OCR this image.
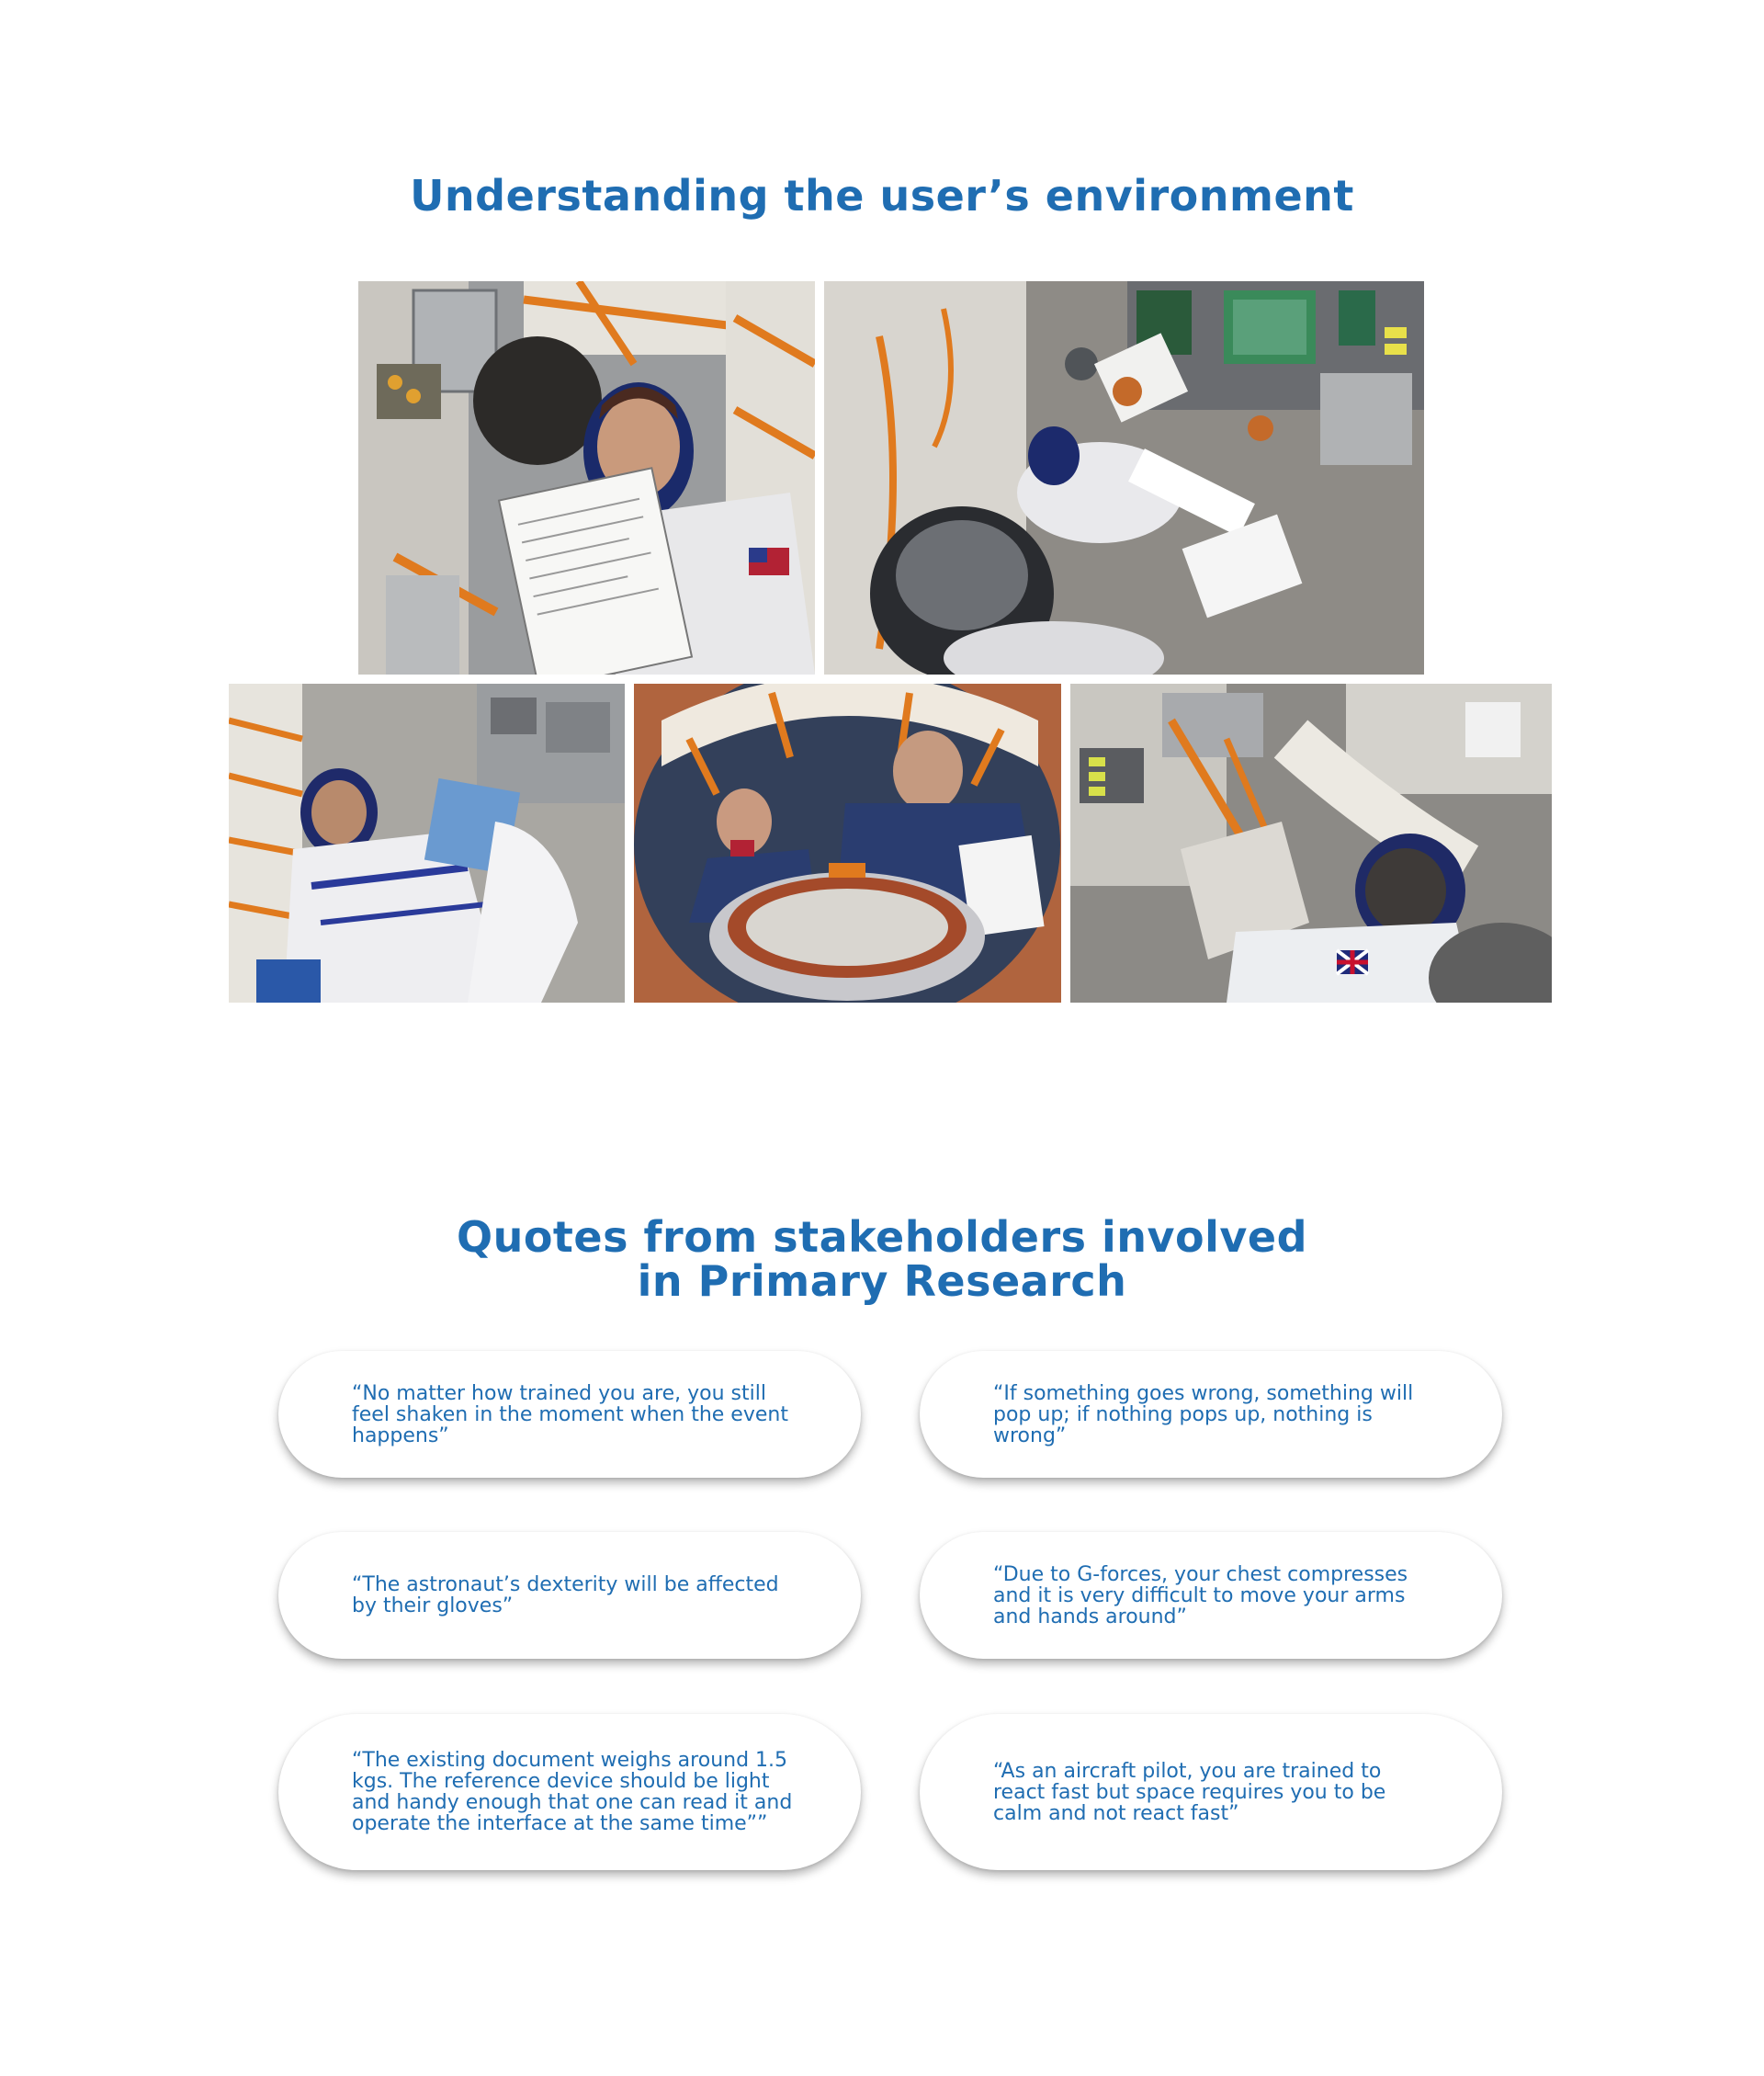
Understanding the user’s environment
Quotes from stakeholders involved
in Primary Research

“No matter how trained you are, you still feel shaken in the moment when the event happens”

“If something goes wrong, something will pop up; if nothing pops up, nothing is wrong”

“The astronaut’s dexterity will be affected by their gloves”

“Due to G-forces, your chest compresses and it is very difficult to move your arms and hands around”

“The existing document weighs around 1.5 kgs. The reference device should be light and handy enough that one can read it and operate the interface at the same time””

“As an aircraft pilot, you are trained to react fast but space requires you to be calm and not react fast”
